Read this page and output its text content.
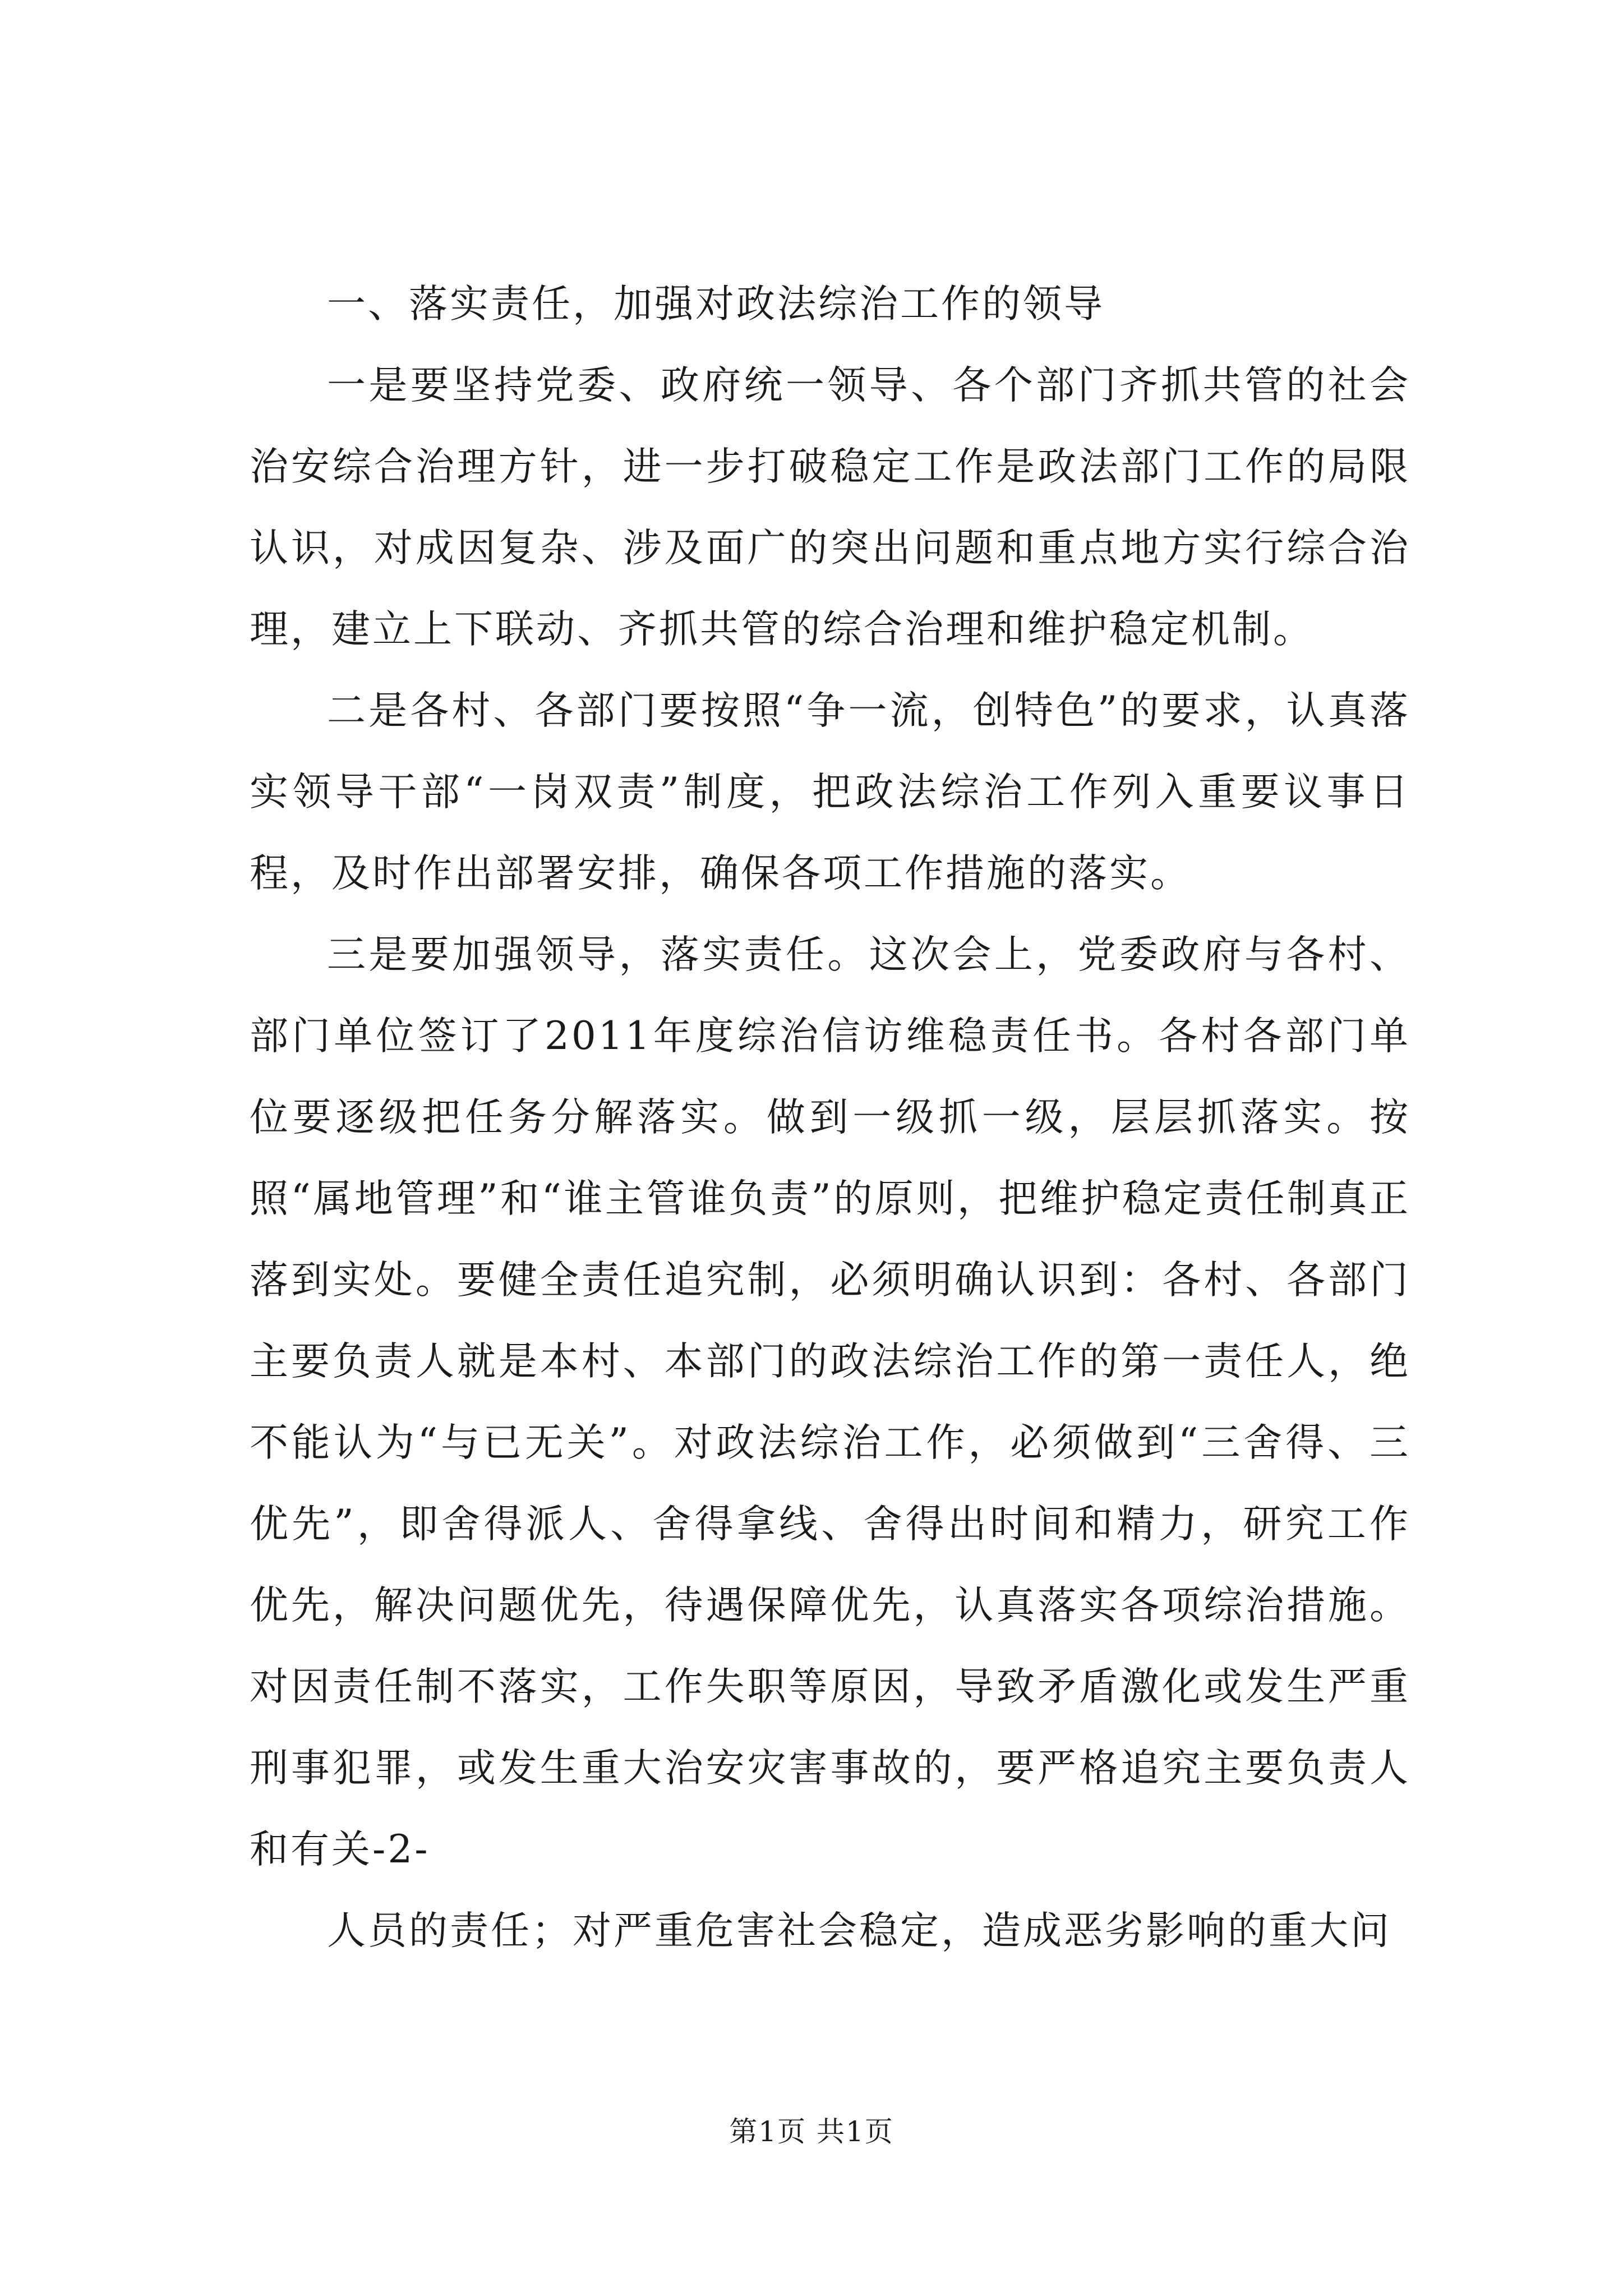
一、落实责任，加强对政法综治工作的领导

一是要坚持党委、政府统一领导、各个部门齐抓共管的社会治安综合治理方针，进一步打破稳定工作是政法部门工作的局限认识，对成因复杂、涉及面广的突出问题和重点地方实行综合治理，建立上下联动、齐抓共管的综合治理和维护稳定机制。

二是各村、各部门要按照“争一流，创特色”的要求，认真落实领导干部“一岗双责”制度，把政法综治工作列入重要议事日程，及时作出部署安排，确保各项工作措施的落实。

三是要加强领导，落实责任。这次会上，党委政府与各村、部门单位签订了2011年度综治信访维稳责任书。各村各部门单位要逐级把任务分解落实。做到一级抓一级，层层抓落实。按照“属地管理”和“谁主管谁负责”的原则，把维护稳定责任制真正落到实处。要健全责任追究制，必须明确认识到：各村、各部门主要负责人就是本村、本部门的政法综治工作的第一责任人，绝不能认为“与已无关”。对政法综治工作，必须做到“三舍得、三优先”，即舍得派人、舍得拿线、舍得出时间和精力，研究工作优先，解决问题优先，待遇保障优先，认真落实各项综治措施。对因责任制不落实，工作失职等原因，导致矛盾激化或发生严重刑事犯罪，或发生重大治安灾害事故的，要严格追究主要负责人和有关-2-

人员的责任；对严重危害社会稳定，造成恶劣影响的重大问

第1页 共1页
